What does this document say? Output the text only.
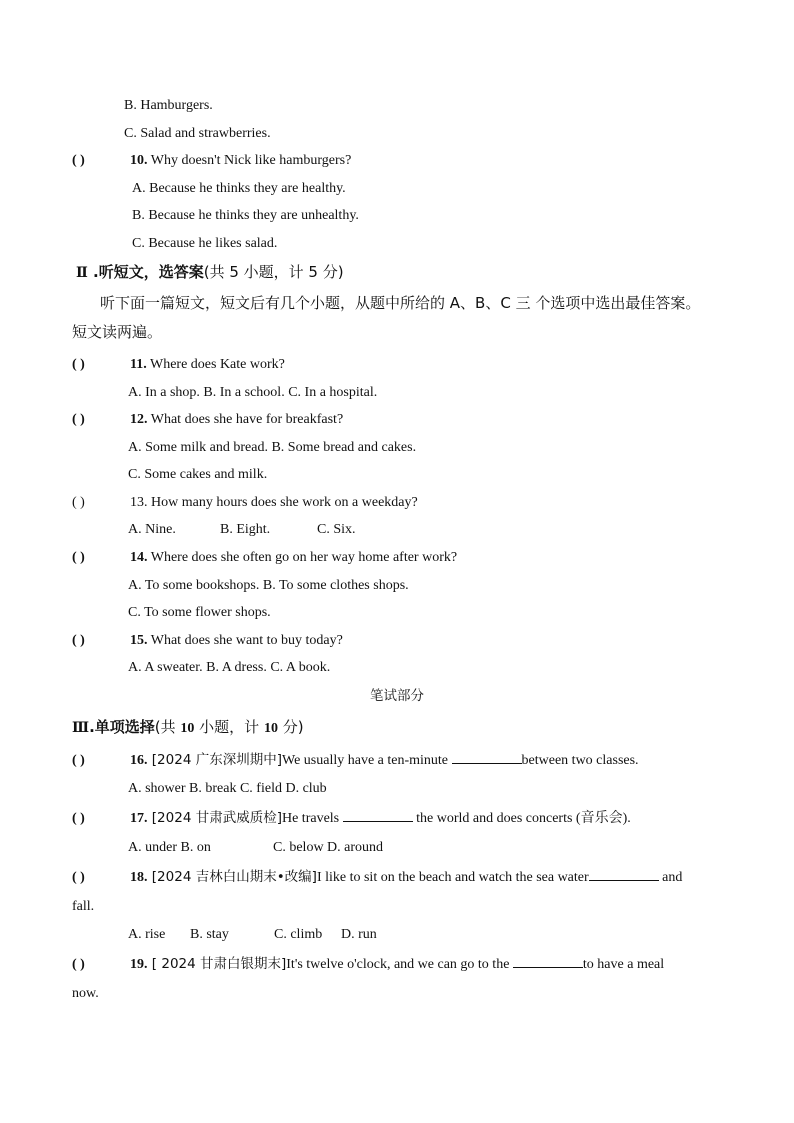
B. Hamburgers.
C. Salad and strawberries.
( )	10. Why doesn't Nick like hamburgers?
A. Because he thinks they are healthy.
B. Because he thinks they are unhealthy.
C. Because he likes salad.
Ⅱ .听短文，选答案(共 5 小题，计 5 分)
听下面一篇短文，短文后有几个小题，从题中所给的 A、B、C 三 个选项中选出最佳答案。
短文读两遍。
( )	11. Where does Kate work?
A. In a shop. B. In a school. C. In a hospital.
( )	12. What does she have for breakfast?
A. Some milk and bread. B. Some bread and cakes.
C. Some cakes and milk.
( )	13. How many hours does she work on a weekday?
A. Nine.	B. Eight.	C. Six.
( )	14. Where does she often go on her way home after work?
A. To some bookshops. B. To some clothes shops.
C. To some flower shops.
( )	15. What does she want to buy today?
A. A sweater. B. A dress. C. A book.
笔试部分
Ⅲ.单项选择(共 10 小题，计 10 分)
( )	16. [2024 广东深圳期中]We usually have a ten-minute	between two classes.
A. shower B. break C. field D. club
( )	17. [2024 甘肃武威质检]He travels	the world and does concerts (音乐会).
A. under B. on	C. below D. around
( )	18. [2024 吉林白山期末•改编]I like to sit on the beach and watch the sea water	and
fall.
A. rise B. stay	C. climb D. run
( )	19. [ 2024 甘肃白银期末]It's twelve o'clock, and we can go to the	to have a meal
now.
